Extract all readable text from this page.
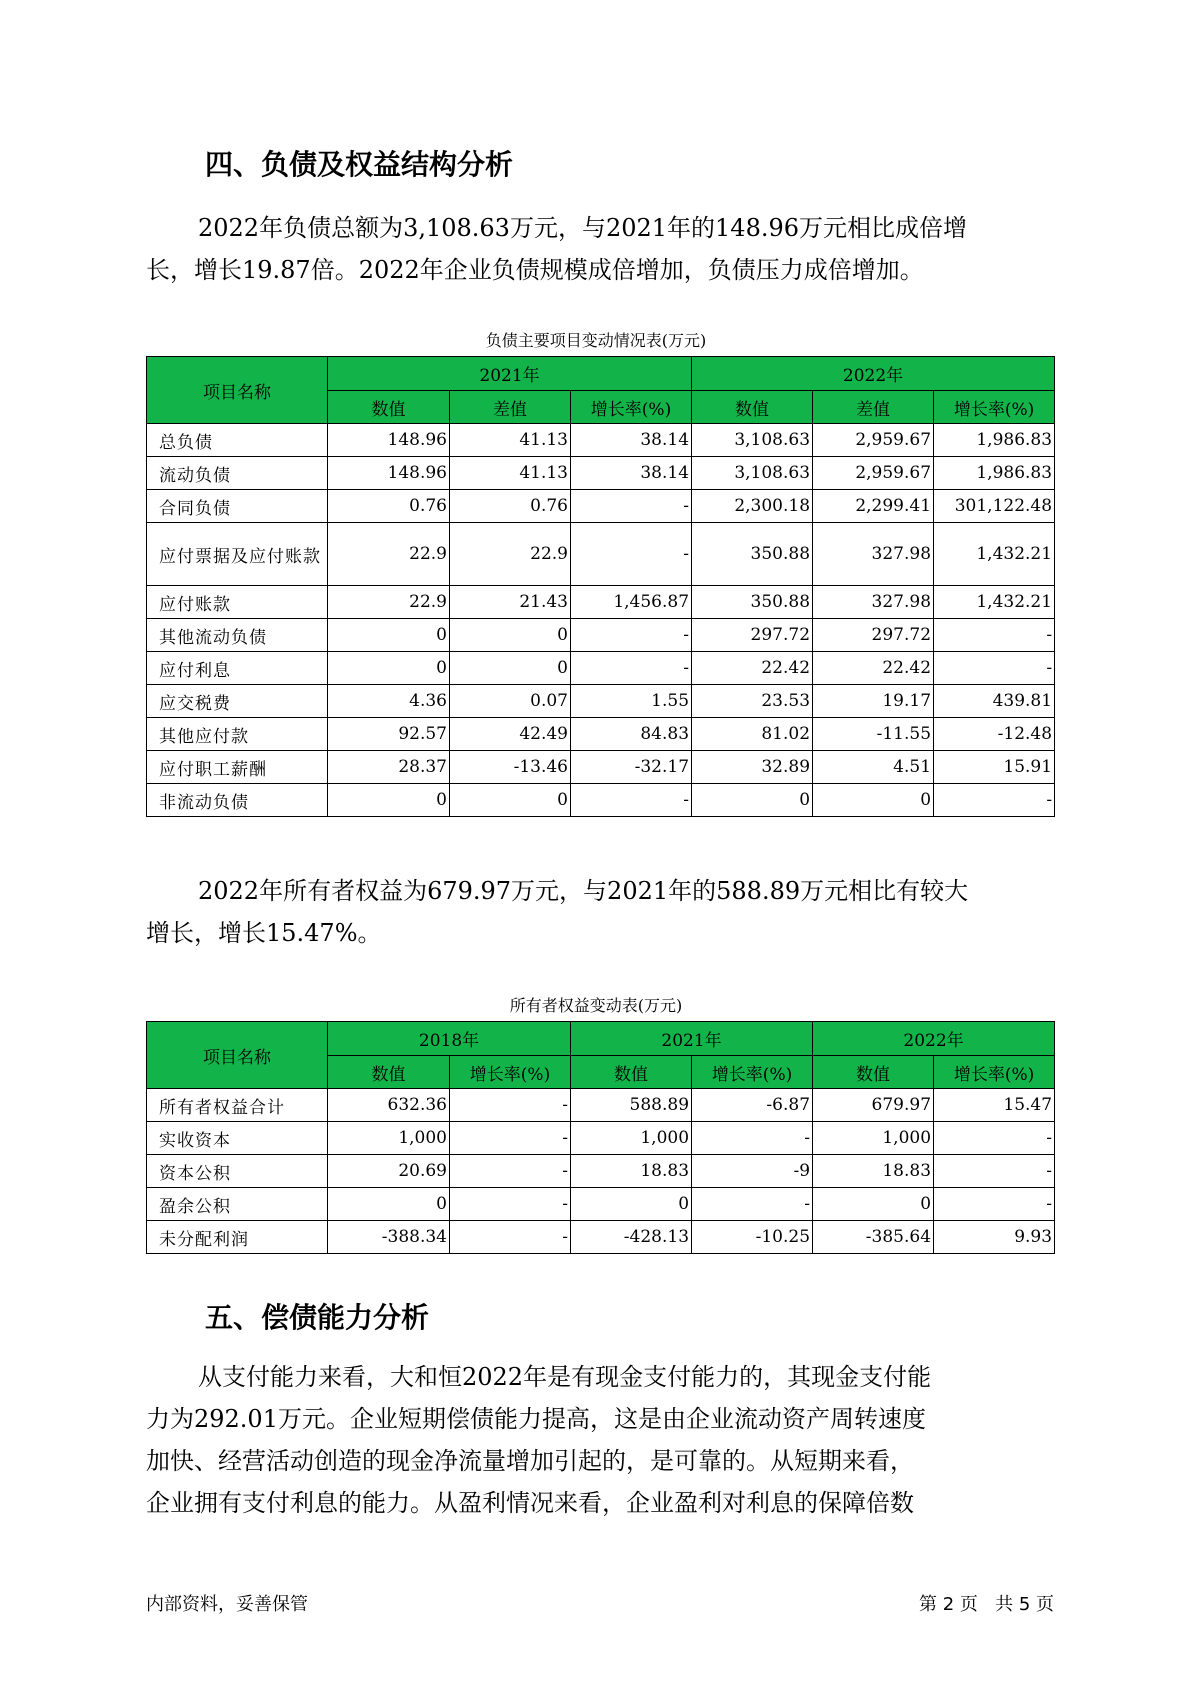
四、负债及权益结构分析

2022年负债总额为3,108.63万元，与2021年的148.96万元相比成倍增
长，增长19.87倍。2022年企业负债规模成倍增加，负债压力成倍增加。

负债主要项目变动情况表(万元)
项目名称	2021年			2022年		
	数值	差值	增长率(%)	数值	差值	增长率(%)
总负债	148.96	41.13	38.14	3,108.63	2,959.67	1,986.83
流动负债	148.96	41.13	38.14	3,108.63	2,959.67	1,986.83
合同负债	0.76	0.76	-	2,300.18	2,299.41	301,122.48
应付票据及应付账款	22.9	22.9	-	350.88	327.98	1,432.21
应付账款	22.9	21.43	1,456.87	350.88	327.98	1,432.21
其他流动负债	0	0	-	297.72	297.72	-
应付利息	0	0	-	22.42	22.42	-
应交税费	4.36	0.07	1.55	23.53	19.17	439.81
其他应付款	92.57	42.49	84.83	81.02	-11.55	-12.48
应付职工薪酬	28.37	-13.46	-32.17	32.89	4.51	15.91
非流动负债	0	0	-	0	0	-

2022年所有者权益为679.97万元，与2021年的588.89万元相比有较大
增长，增长15.47%。

所有者权益变动表(万元)
项目名称	2018年		2021年		2022年	
	数值	增长率(%)	数值	增长率(%)	数值	增长率(%)
所有者权益合计	632.36	-	588.89	-6.87	679.97	15.47
实收资本	1,000	-	1,000	-	1,000	-
资本公积	20.69	-	18.83	-9	18.83	-
盈余公积	0	-	0	-	0	-
未分配利润	-388.34	-	-428.13	-10.25	-385.64	9.93
五、偿债能力分析

从支付能力来看，大和恒2022年是有现金支付能力的，其现金支付能
力为292.01万元。企业短期偿债能力提高，这是由企业流动资产周转速度
加快、经营活动创造的现金净流量增加引起的，是可靠的。从短期来看，
企业拥有支付利息的能力。从盈利情况来看，企业盈利对利息的保障倍数

内部资料，妥善保管	第 2 页   共 5 页
